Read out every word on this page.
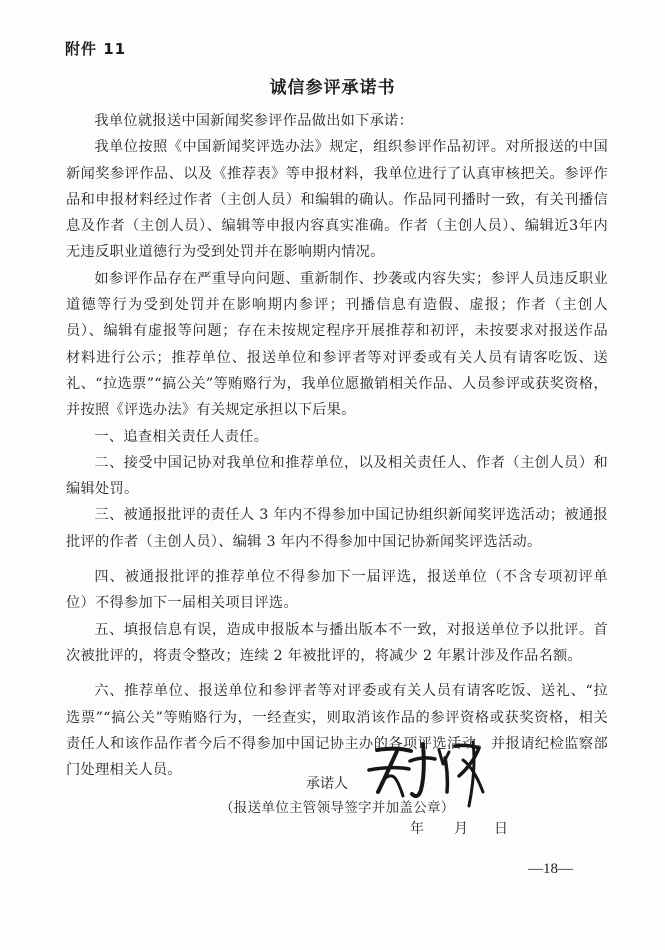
附件 11
诚信参评承诺书

我单位就报送中国新闻奖参评作品做出如下承诺：

我单位按照《中国新闻奖评选办法》规定，组织参评作品初评。对所报送的中国新闻奖参评作品、以及《推荐表》等申报材料，我单位进行了认真审核把关。参评作品和申报材料经过作者（主创人员）和编辑的确认。作品同刊播时一致，有关刊播信息及作者（主创人员）、编辑等申报内容真实准确。作者（主创人员）、编辑近3年内无违反职业道德行为受到处罚并在影响期内情况。

如参评作品存在严重导向问题、重新制作、抄袭或内容失实；参评人员违反职业道德等行为受到处罚并在影响期内参评；刊播信息有造假、虚报；作者（主创人员）、编辑有虚报等问题；存在未按规定程序开展推荐和初评，未按要求对报送作品材料进行公示；推荐单位、报送单位和参评者等对评委或有关人员有请客吃饭、送礼、“拉选票”“搞公关”等贿赂行为，我单位愿撤销相关作品、人员参评或获奖资格，并按照《评选办法》有关规定承担以下后果。

一、追查相关责任人责任。

二、接受中国记协对我单位和推荐单位，以及相关责任人、作者（主创人员）和编辑处罚。

三、被通报批评的责任人 3 年内不得参加中国记协组织新闻奖评选活动；被通报批评的作者（主创人员）、编辑 3 年内不得参加中国记协新闻奖评选活动。

四、被通报批评的推荐单位不得参加下一届评选，报送单位（不含专项初评单位）不得参加下一届相关项目评选。

五、填报信息有误，造成申报版本与播出版本不一致，对报送单位予以批评。首次被批评的，将责令整改；连续 2 年被批评的，将减少 2 年累计涉及作品名额。

六、推荐单位、报送单位和参评者等对评委或有关人员有请客吃饭、送礼、“拉选票”“搞公关”等贿赂行为，一经查实，则取消该作品的参评资格或获奖资格，相关责任人和该作品作者今后不得参加中国记协主办的各项评选活动。并报请纪检监察部门处理相关人员。

承诺人
（报送单位主管领导签字并加盖公章）
年 月 日
—18—
